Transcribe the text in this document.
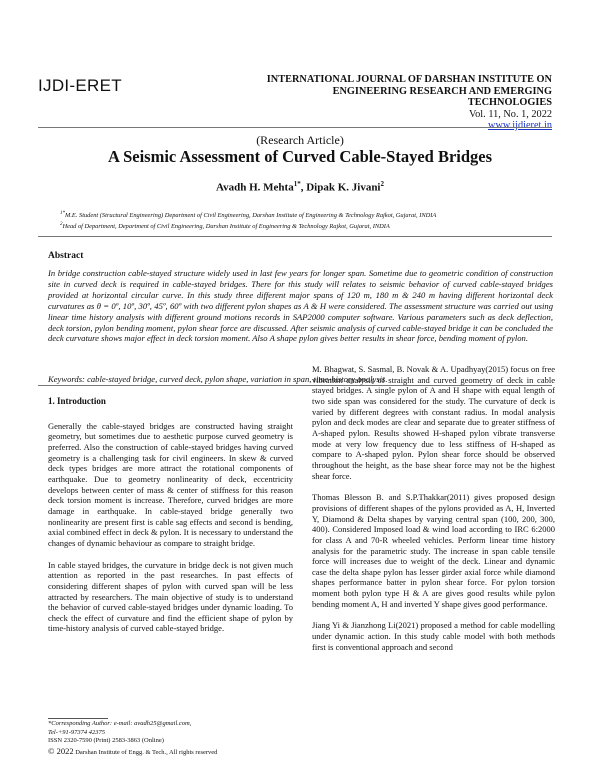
IJDI-ERET	INTERNATIONAL JOURNAL OF DARSHAN INSTITUTE ON
ENGINEERING RESEARCH AND EMERGING TECHNOLOGIES
Vol. 11, No. 1, 2022
www.ijdieret.in
(Research Article)
A Seismic Assessment of Curved Cable-Stayed Bridges
Avadh H. Mehta$^{1*}$, Dipak K. Jivani$^2$
$^{1*}$M.E. Student (Structural Engineering) Department of Civil Engineering, Darshan Institute of Engineering & Technology Rajkot, Gujarat, INDIA
$^2$Head of Department, Department of Civil Engineering, Darshan Institute of Engineering & Technology Rajkot, Gujarat, INDIA
Abstract
In bridge construction cable-stayed structure widely used in last few years for longer span. Sometime due to geometric condition of construction site in curved deck is required in cable-stayed bridges. There for this study will relates to seismic behavior of curved cable-stayed bridges provided at horizontal circular curve. In this study three different major spans of 120 m, 180 m & 240 m having different horizontal deck curvatures as θ = 0º, 10º, 30º, 45º, 60º with two different pylon shapes as A & H were considered. The assessment structure was carried out using linear time history analysis with different ground motions records in SAP2000 computer software. Various parameters such as deck deflection, deck torsion, pylon bending moment, pylon shear force are discussed. After seismic analysis of curved cable-stayed bridge it can be concluded the deck curvature shows major effect in deck torsion moment. Also A shape pylon gives better results in shear force, bending moment of pylon.
Keywords: cable-stayed bridge, curved deck, pylon shape, variation in span, time-history analysis.
1. Introduction

Generally the cable-stayed bridges are constructed having straight geometry, but sometimes due to aesthetic purpose curved geometry is preferred. Also the construction of cable-stayed bridges having curved geometry is a challenging task for civil engineers. In skew & curved deck types bridges are more attract the rotational components of earthquake. Due to geometry nonlinearity of deck, eccentricity develops between center of mass & center of stiffness for this reason deck torsion moment is increase. Therefore, curved bridges are more damage in earthquake. In cable-stayed bridge generally two nonlinearity are present first is cable sag effects and second is bending, axial combined effect in deck & pylon. It is necessary to understand the changes of dynamic behaviour as compare to straight bridge.

In cable stayed bridges, the curvature in bridge deck is not given much attention as reported in the past researches. In past effects of considering different shapes of pylon with curved span will be less attracted by researchers. The main objective of study is to understand the behavior of curved cable-stayed bridges under dynamic loading. To check the effect of curvature and find the efficient shape of pylon by time-history analysis of curved cable-stayed bridge.

M. Bhagwat, S. Sasmal, B. Novak & A. Upadhyay(2015) focus on free vibration analysis of straight and curved geometry of deck in cable stayed bridges. A single pylon of A and H shape with equal length of two side span was considered for the study. The curvature of deck is varied by different degrees with constant radius. In modal analysis pylon and deck modes are clear and separate due to greater stiffness of A-shaped pylon. Results showed H-shaped pylon vibrate transverse mode at very low frequency due to less stiffness of H-shaped as compare to A-shaped pylon. Pylon shear force should be observed throughout the height, as the base shear force may not be the highest shear force.

Thomas Blesson B. and S.P.Thakkar(2011) gives proposed design provisions of different shapes of the pylons provided as A, H, Inverted Y, Diamond & Delta shapes by varying central span (100, 200, 300, 400). Considered Imposed load & wind load according to IRC 6:2000 for class A and 70-R wheeled vehicles. Perform linear time history analysis for the parametric study. The increase in span cable tensile force will increases due to weight of the deck. Linear and dynamic case the delta shape pylon has lesser girder axial force while diamond shapes performance batter in pylon shear force. For pylon torsion moment both pylon type H & A are gives good results while pylon bending moment A, H and inverted Y shape gives good performance.

Jiang Yi & Jianzhong Li(2021) proposed a method for cable modelling under dynamic action. In this study cable model with both methods first is conventional approach and second

*Corresponding Author: e-mail: avadh25@gmail.com,
Tel-+91-97374 42375
ISSN 2320-7590 (Print) 2583-3863 (Online)
© 2022 Darshan Institute of Engg. & Tech., All rights reserved
